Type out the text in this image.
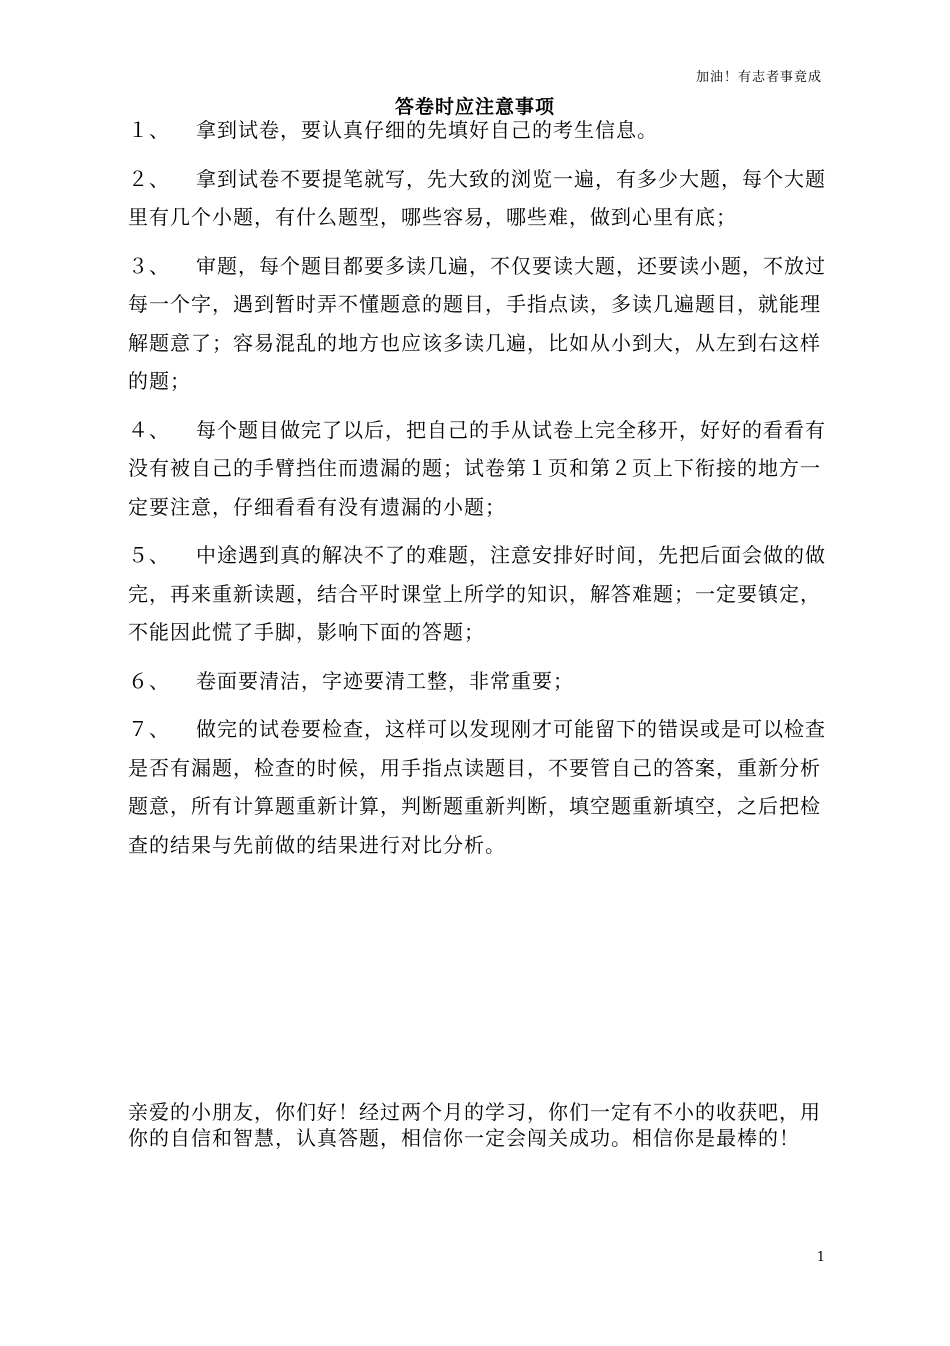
加油！有志者事竟成
答卷时应注意事项

１、 拿到试卷，要认真仔细的先填好自己的考生信息。

２、 拿到试卷不要提笔就写，先大致的浏览一遍，有多少大题，每个大题里有几个小题，有什么题型，哪些容易，哪些难，做到心里有底；

３、 审题，每个题目都要多读几遍，不仅要读大题，还要读小题，不放过每一个字，遇到暂时弄不懂题意的题目，手指点读，多读几遍题目，就能理解题意了；容易混乱的地方也应该多读几遍，比如从小到大，从左到右这样的题；

４、 每个题目做完了以后，把自己的手从试卷上完全移开，好好的看看有没有被自己的手臂挡住而遗漏的题；试卷第１页和第２页上下衔接的地方一定要注意，仔细看看有没有遗漏的小题；

５、 中途遇到真的解决不了的难题，注意安排好时间，先把后面会做的做完，再来重新读题，结合平时课堂上所学的知识，解答难题；一定要镇定，不能因此慌了手脚，影响下面的答题；

６、 卷面要清洁，字迹要清工整，非常重要；

７、 做完的试卷要检查，这样可以发现刚才可能留下的错误或是可以检查是否有漏题，检查的时候，用手指点读题目，不要管自己的答案，重新分析题意，所有计算题重新计算，判断题重新判断，填空题重新填空，之后把检查的结果与先前做的结果进行对比分析。

亲爱的小朋友，你们好！经过两个月的学习，你们一定有不小的收获吧，用你的自信和智慧，认真答题，相信你一定会闯关成功。相信你是最棒的！
1
